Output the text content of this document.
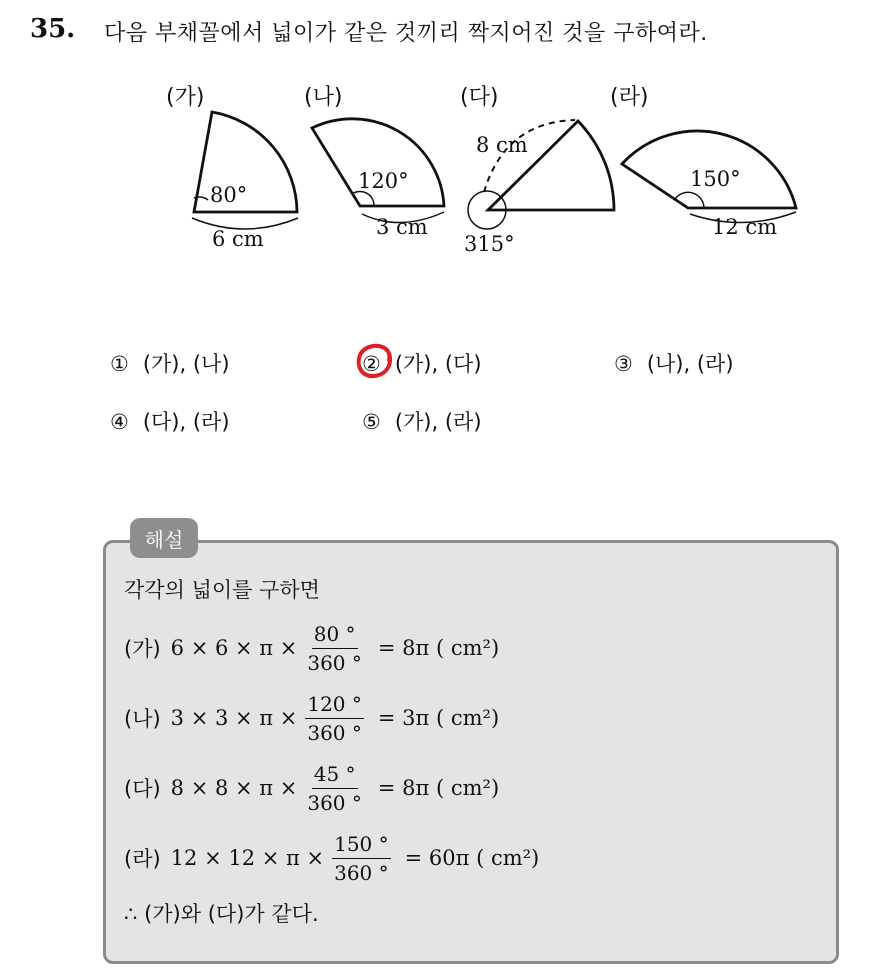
35. 다음 부채꼴에서 넓이가 같은 것끼리 짝지어진 것을 구하여라.
(가)
80°
6 cm
(나)
120°
3 cm
(다)
8 cm
315°
(라)
150°
12 cm
① (가), (나)	② (가), (다)	③ (나), (라)
④ (다), (라)	⑤ (가), (라)
해설
각각의 넓이를 구하면
(가) $6 \times 6 \times \pi \times \frac{80 ^\circ}{360 ^\circ} = 8\pi$ ( cm²)
(나) $3 \times 3 \times \pi \times \frac{120 ^\circ}{360 ^\circ} = 3\pi$ ( cm²)
(다) $8 \times 8 \times \pi \times \frac{45 ^\circ}{360 ^\circ} = 8\pi$ ( cm²)
(라) $12 \times 12 \times \pi \times \frac{150 ^\circ}{360 ^\circ} = 60\pi$ ( cm²)
∴ (가)와 (다)가 같다.
